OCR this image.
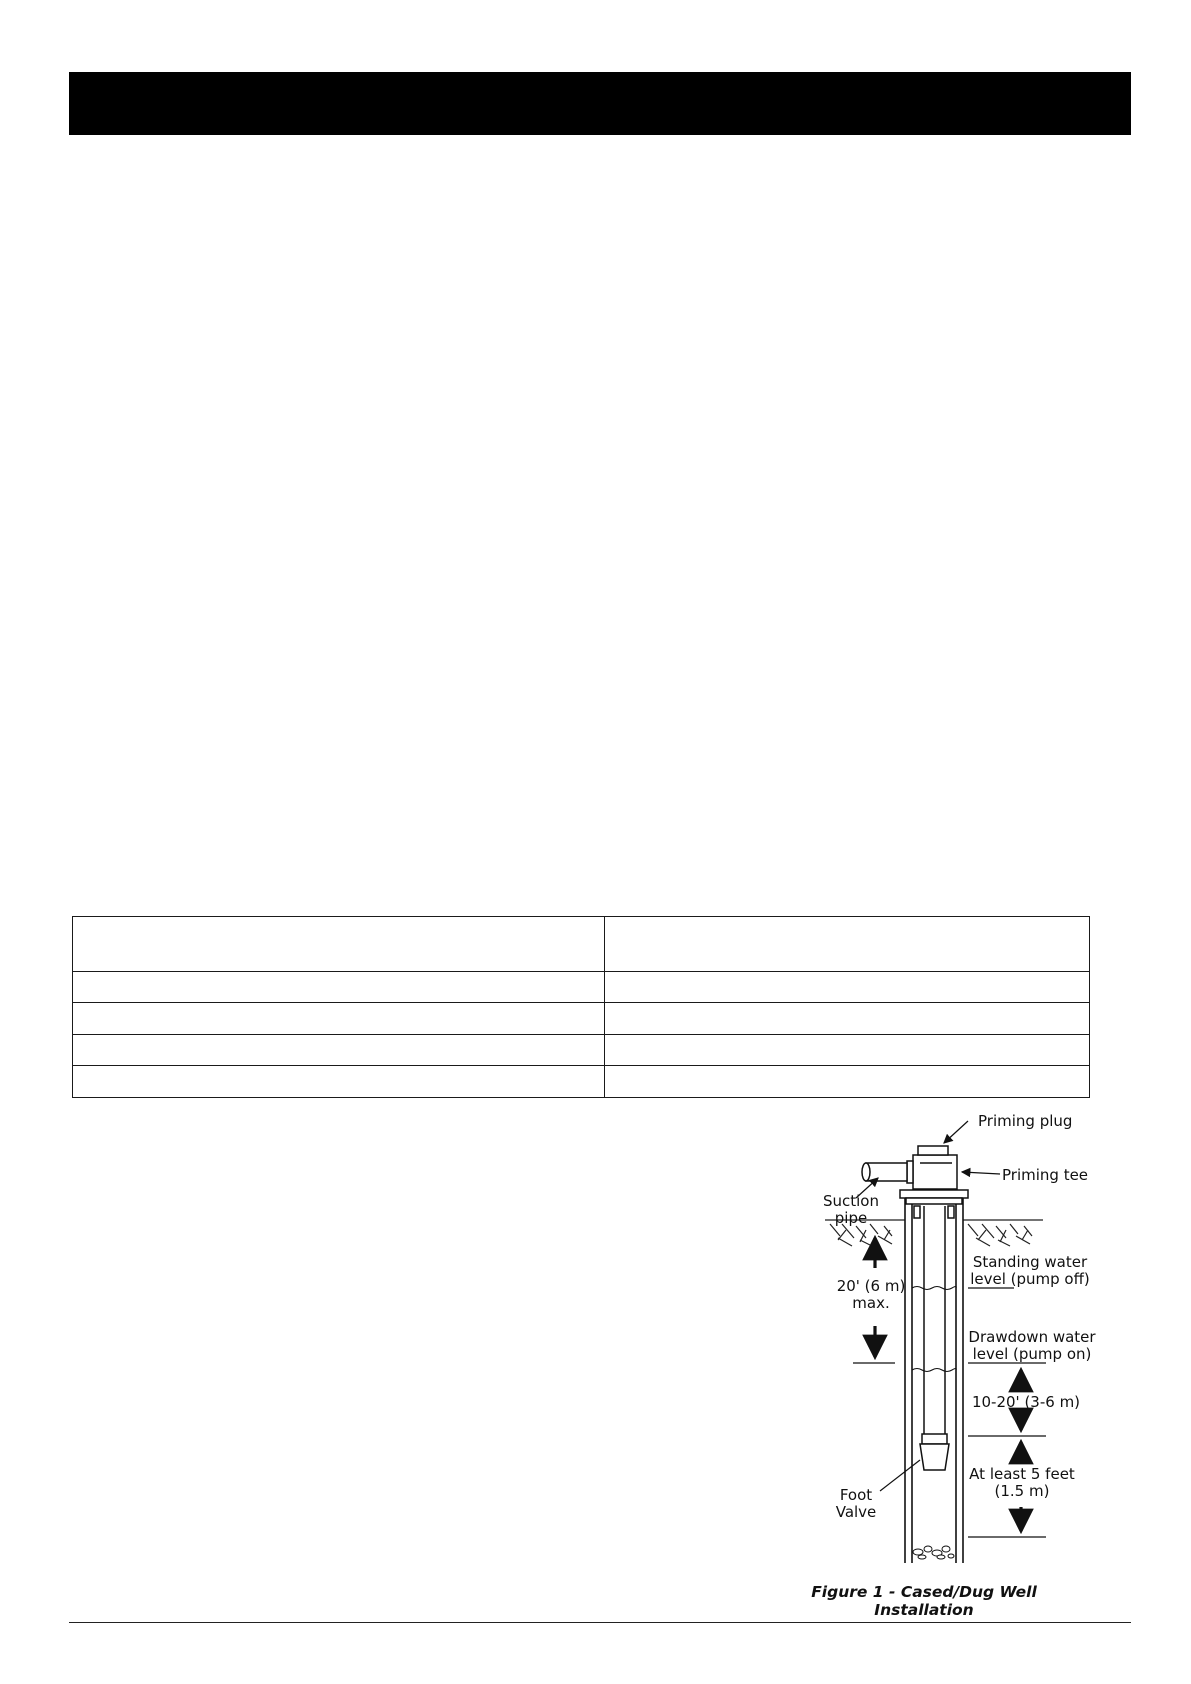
Priming plug
Priming tee
Suction
pipe
Standing water
level (pump off)
20' (6 m)
max.
Drawdown water
level (pump on)
10-20' (3-6 m)
At least 5 feet
(1.5 m)
Foot
Valve
Figure 1 - Cased/Dug Well Installation
